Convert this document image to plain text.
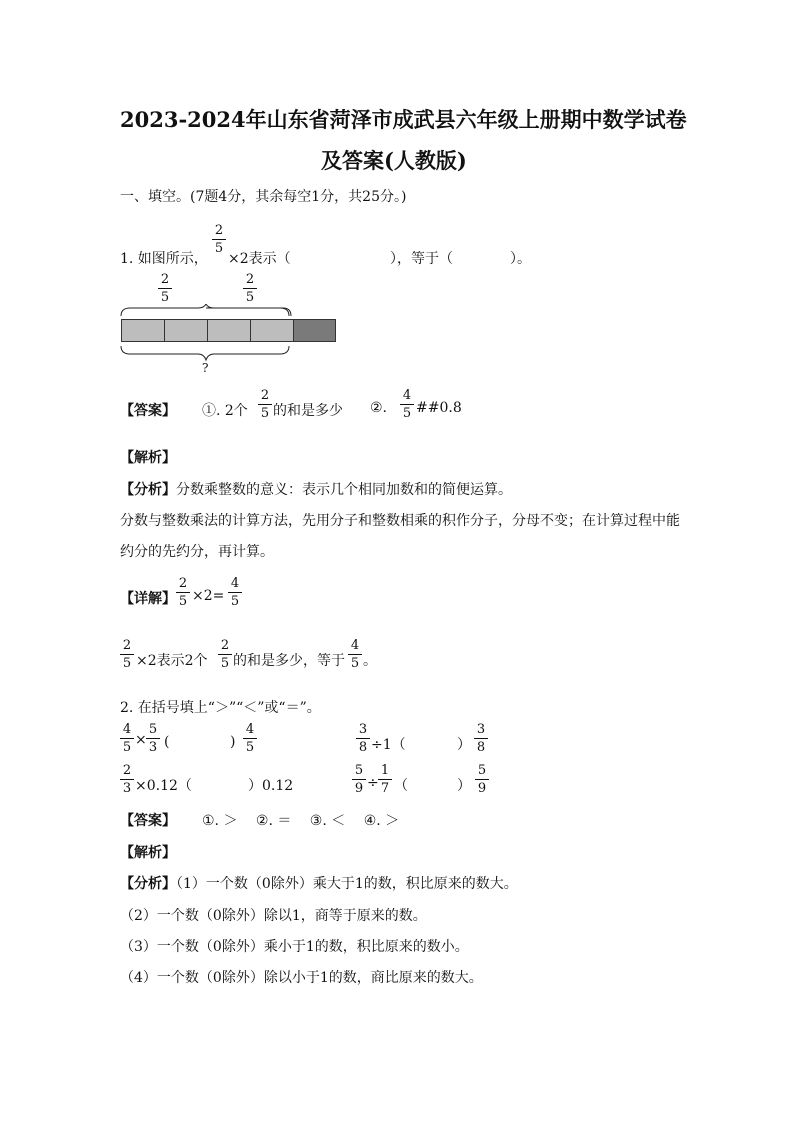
2023-2024年山东省菏泽市成武县六年级上册期中数学试卷
及答案(人教版)
一、填空。(7题4分，其余每空1分，共25分。)
2
5
1. 如图所示， ×2表示（	），等于（	）。
2
5
2
5
?
【答案】 ①. 2个
2
5 的和是多少 ②.
4
5 ##0.8
【解析】
【分析】分数乘整数的意义：表示几个相同加数和的简便运算。
分数与整数乘法的计算方法，先用分子和整数相乘的积作分子，分母不变；在计算过程中能
约分的先约分，再计算。
【详解】
2
5 ×2=
4
5
2
5 ×2表示2个
2
5 的和是多少，等于
4
5 。
2. 在括号填上“＞”“＜”或“＝”。
4
5 ×
5
3 (	)
4
5
3
8 ÷1（	）
3
8
2
3 ×0.12（	）0.12
5
9 ÷
1
7 （	）
5
9
【答案】 ①. ＞　 ②. ＝　 ③. ＜　 ④. ＞
【解析】
【分析】（1）一个数（0除外）乘大于1的数，积比原来的数大。
（2）一个数（0除外）除以1，商等于原来的数。
（3）一个数（0除外）乘小于1的数，积比原来的数小。
（4）一个数（0除外）除以小于1的数，商比原来的数大。
